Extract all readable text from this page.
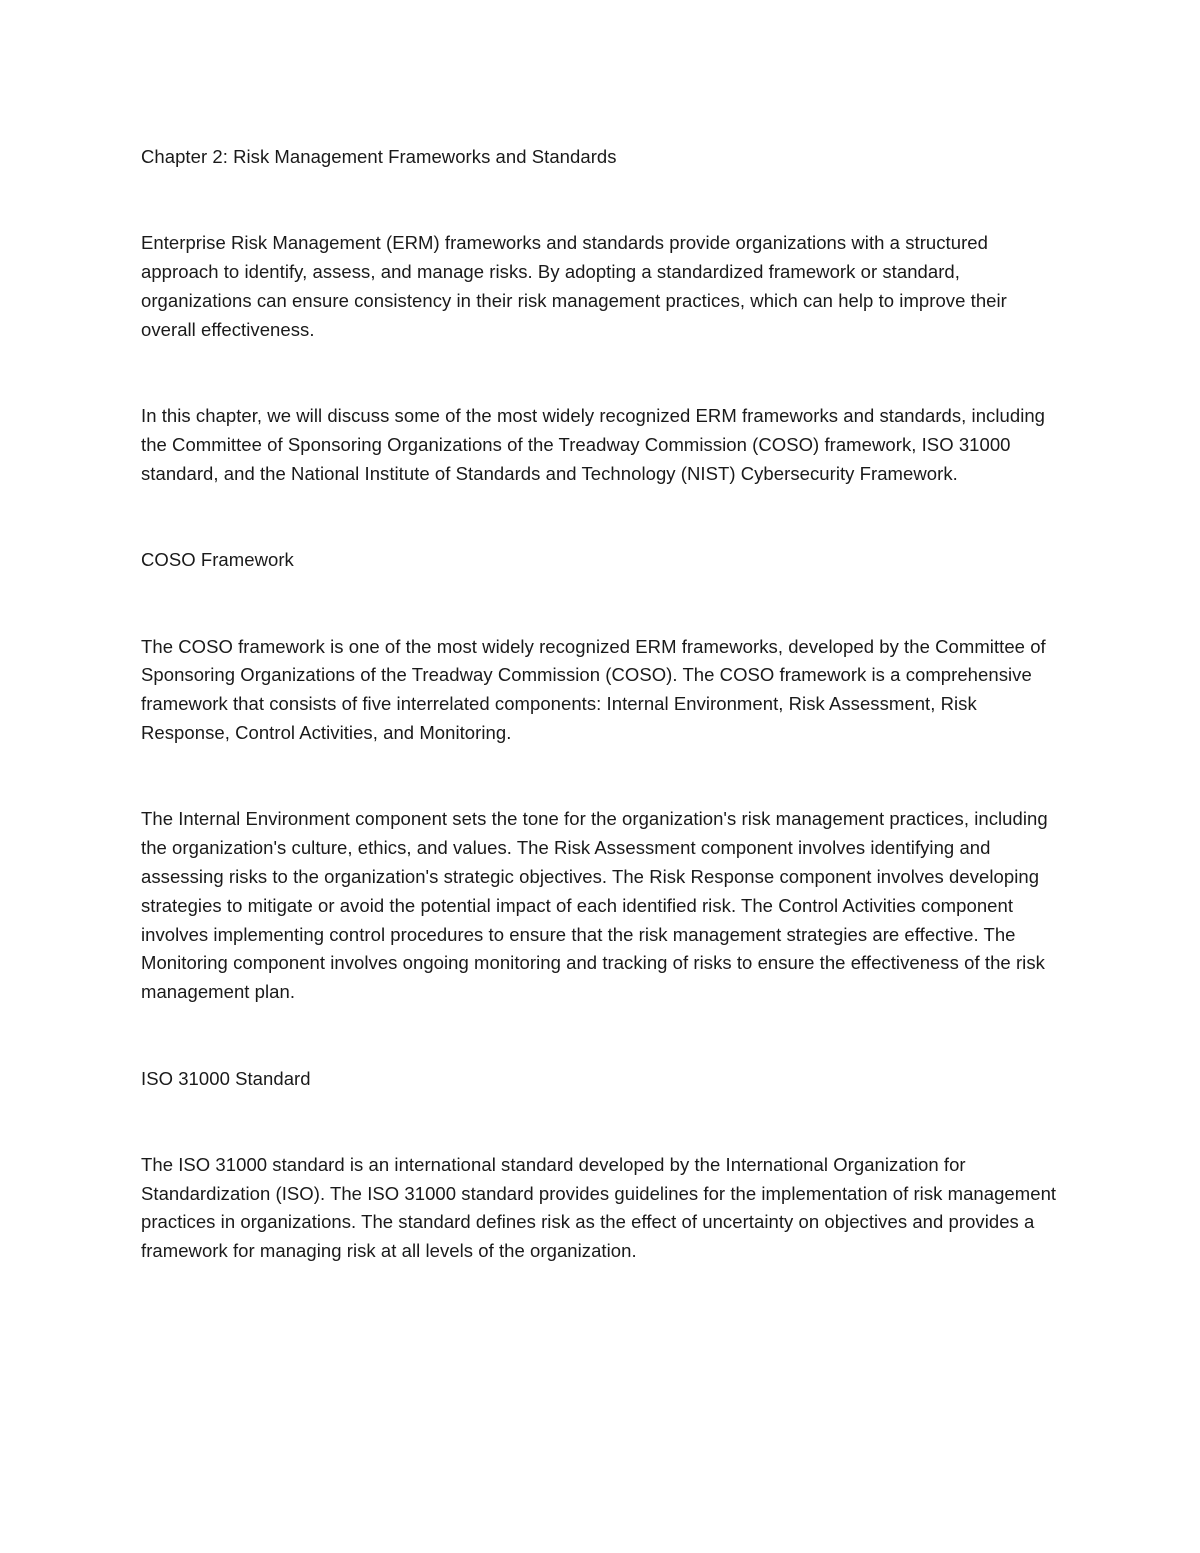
Chapter 2: Risk Management Frameworks and Standards

Enterprise Risk Management (ERM) frameworks and standards provide organizations with a structured approach to identify, assess, and manage risks. By adopting a standardized framework or standard, organizations can ensure consistency in their risk management practices, which can help to improve their overall effectiveness.

In this chapter, we will discuss some of the most widely recognized ERM frameworks and standards, including the Committee of Sponsoring Organizations of the Treadway Commission (COSO) framework, ISO 31000 standard, and the National Institute of Standards and Technology (NIST) Cybersecurity Framework.

COSO Framework

The COSO framework is one of the most widely recognized ERM frameworks, developed by the Committee of Sponsoring Organizations of the Treadway Commission (COSO). The COSO framework is a comprehensive framework that consists of five interrelated components: Internal Environment, Risk Assessment, Risk Response, Control Activities, and Monitoring.

The Internal Environment component sets the tone for the organization's risk management practices, including the organization's culture, ethics, and values. The Risk Assessment component involves identifying and assessing risks to the organization's strategic objectives. The Risk Response component involves developing strategies to mitigate or avoid the potential impact of each identified risk. The Control Activities component involves implementing control procedures to ensure that the risk management strategies are effective. The Monitoring component involves ongoing monitoring and tracking of risks to ensure the effectiveness of the risk management plan.

ISO 31000 Standard

The ISO 31000 standard is an international standard developed by the International Organization for Standardization (ISO). The ISO 31000 standard provides guidelines for the implementation of risk management practices in organizations. The standard defines risk as the effect of uncertainty on objectives and provides a framework for managing risk at all levels of the organization.
